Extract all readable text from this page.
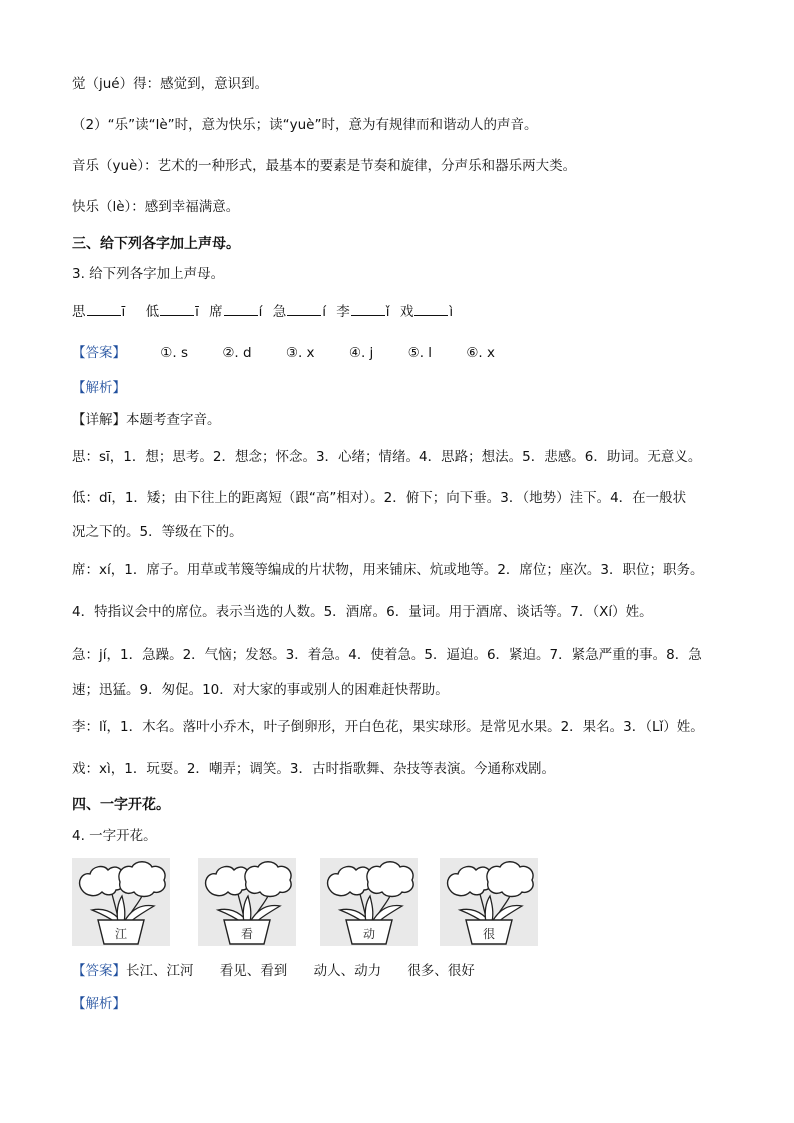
觉（jué）得：感觉到，意识到。
（2）“乐”读“lè”时，意为快乐；读“yuè”时，意为有规律而和谐动人的声音。
音乐（yuè）：艺术的一种形式，最基本的要素是节奏和旋律，分声乐和器乐两大类。
快乐（lè）：感到幸福满意。
三、给下列各字加上声母。
3. 给下列各字加上声母。
思	ī 低	ī 席	í 急	í 李	ǐ 戏	ì
【答案】	①. s	②. d	③. x	④. j	⑤. l	⑥. x
【解析】
【详解】本题考查字音。
思：sī，1．想；思考。2．想念；怀念。3．心绪；情绪。4．思路；想法。5．悲感。6．助词。无意义。
低：dī，1．矮；由下往上的距离短（跟“高”相对）。2．俯下；向下垂。3．（地势）洼下。4．在一般状
况之下的。5．等级在下的。
席：xí，1．席子。用草或苇篾等编成的片状物，用来铺床、炕或地等。2．席位；座次。3．职位；职务。
4．特指议会中的席位。表示当选的人数。5．酒席。6．量词。用于酒席、谈话等。7．（Xí）姓。
急：jí，1．急躁。2．气恼；发怒。3．着急。4．使着急。5．逼迫。6．紧迫。7．紧急严重的事。8．急
速；迅猛。9．匆促。10．对大家的事或别人的困难赶快帮助。
李：lǐ，1．木名。落叶小乔木，叶子倒卵形，开白色花，果实球形。是常见水果。2．果名。3．（Lǐ）姓。
戏：xì，1．玩耍。2．嘲弄；调笑。3．古时指歌舞、杂技等表演。今通称戏剧。
四、一字开花。
4. 一字开花。
江	看	动	很
【答案】长江、江河 看见、看到 动人、动力 很多、很好
【解析】
